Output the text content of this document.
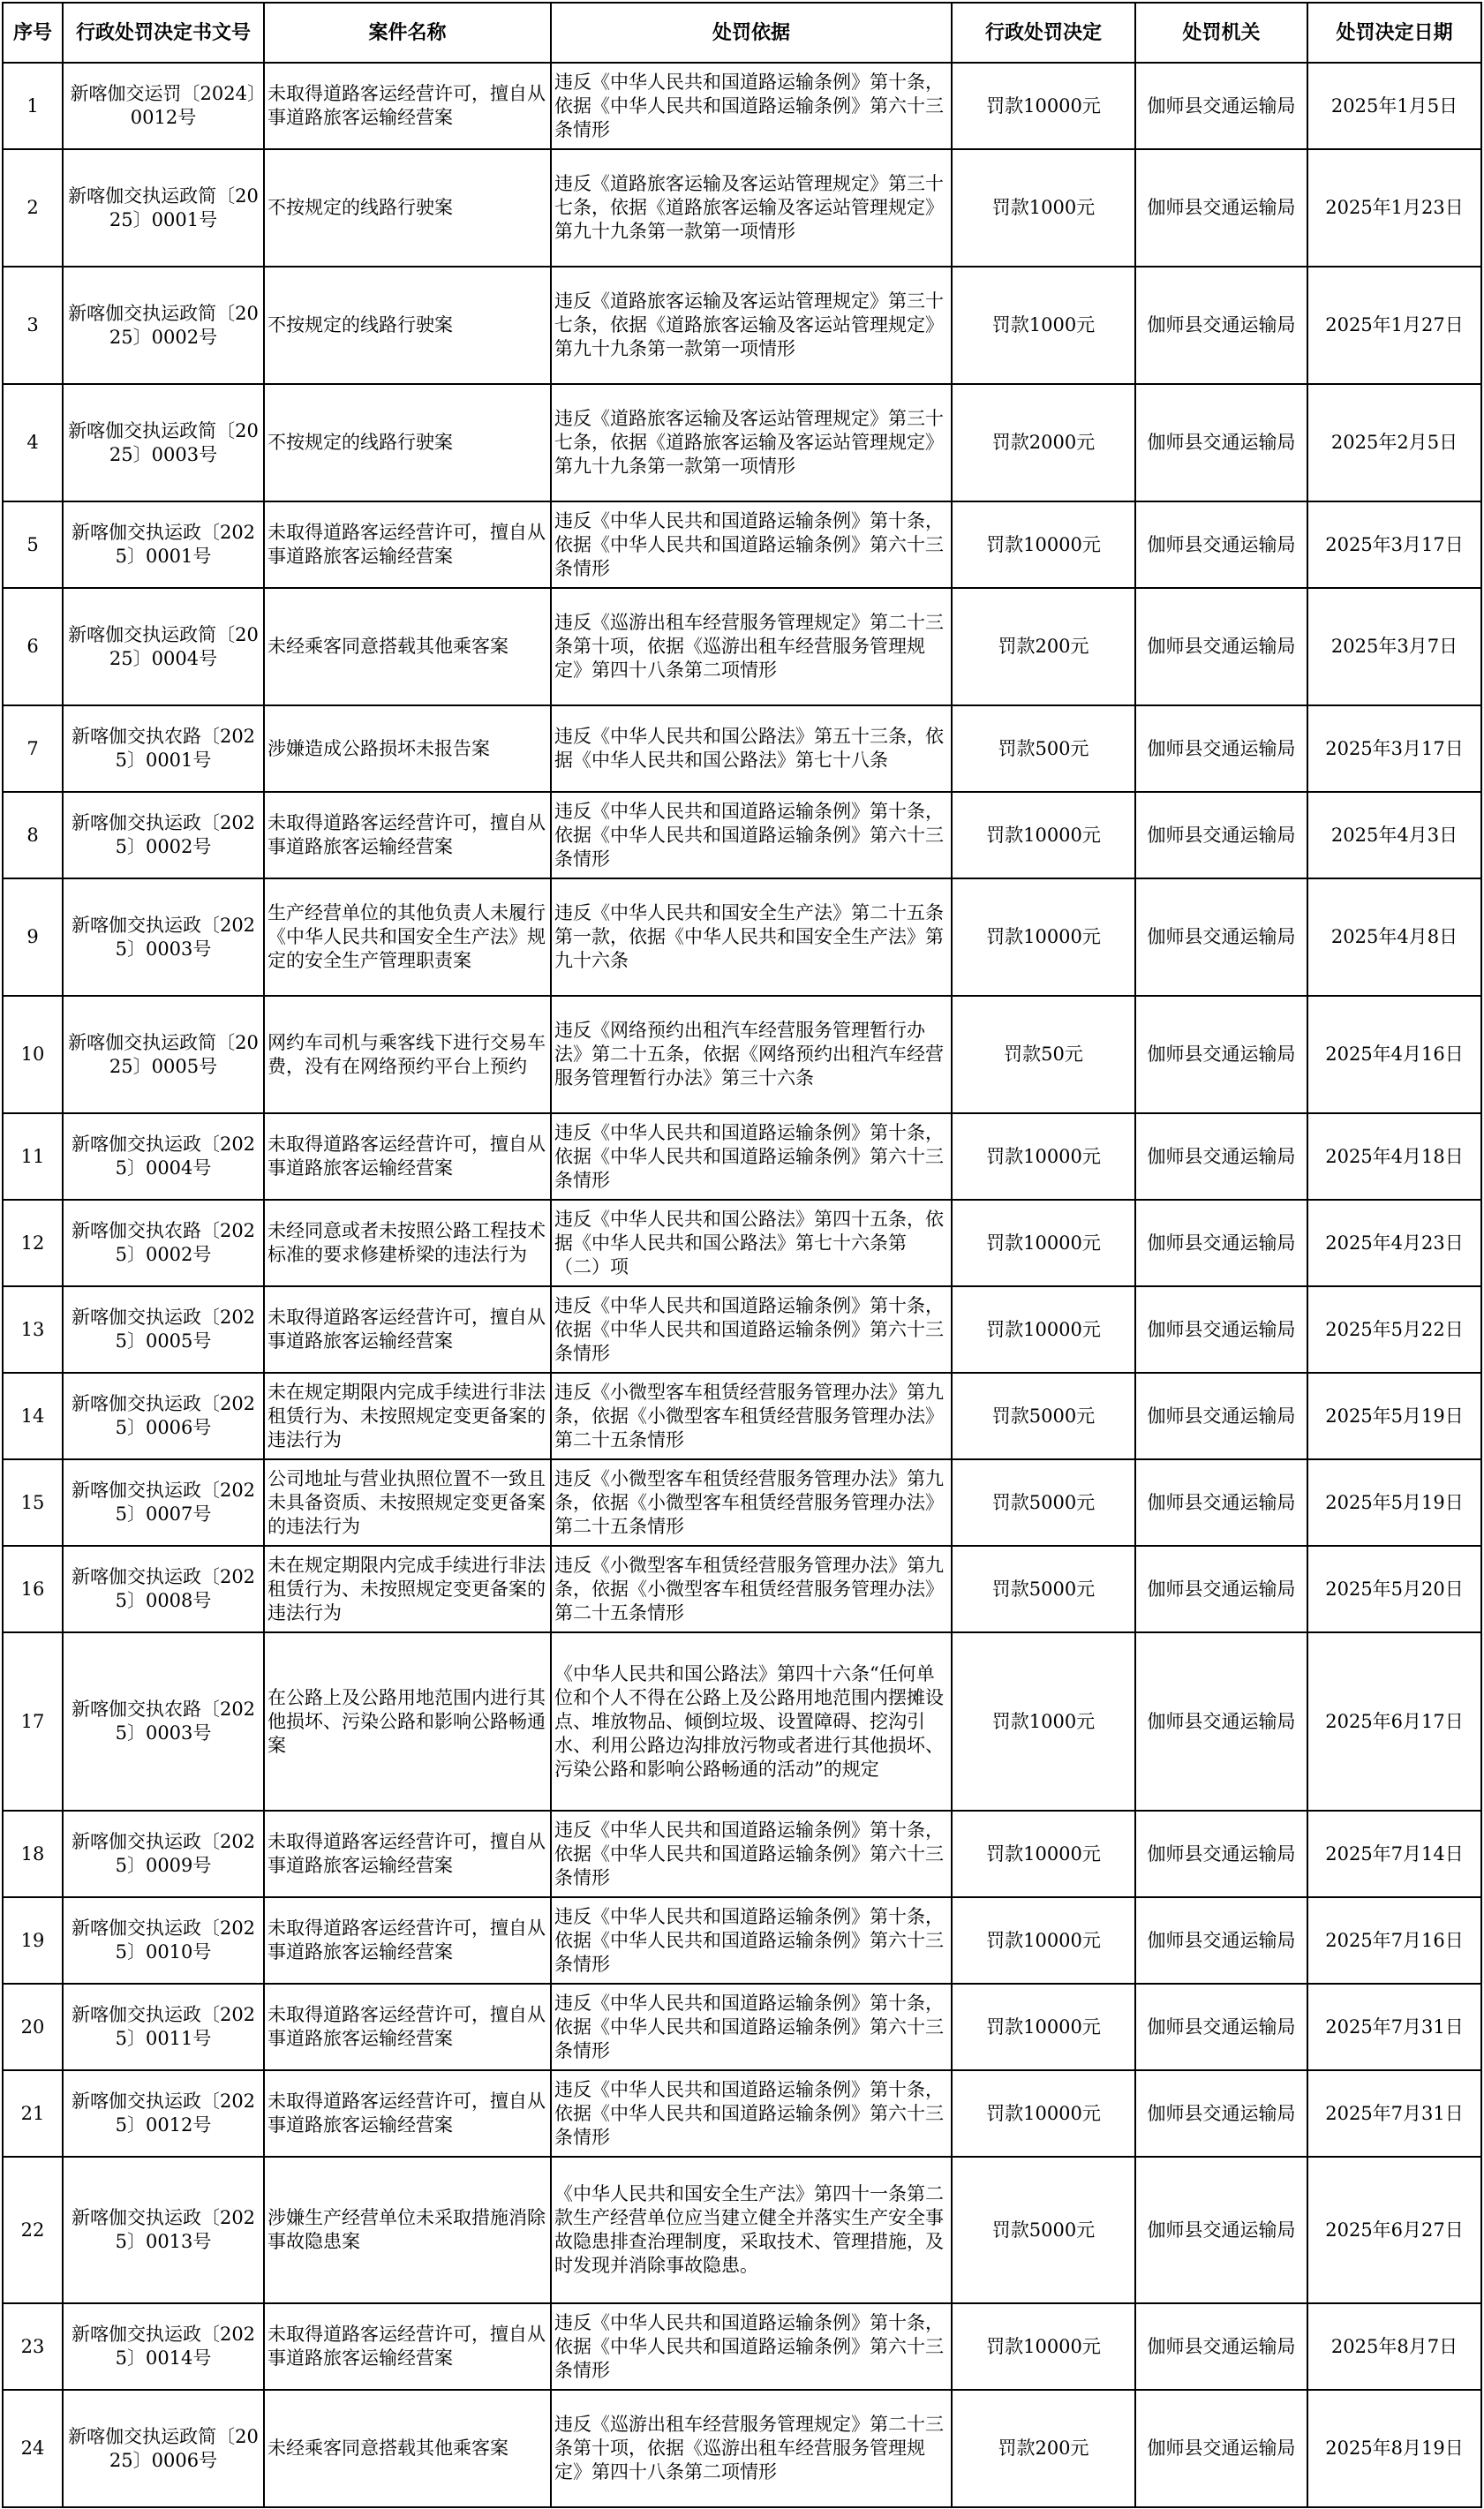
序号	行政处罚决定书文号	案件名称	处罚依据	行政处罚决定	处罚机关	处罚决定日期
1	新喀伽交运罚〔2024〕0012号	未取得道路客运经营许可，擅自从事道路旅客运输经营案	违反《中华人民共和国道路运输条例》第十条，依据《中华人民共和国道路运输条例》第六十三条情形	罚款10000元	伽师县交通运输局	2025年1月5日
2	新喀伽交执运政简〔2025〕0001号	不按规定的线路行驶案	违反《道路旅客运输及客运站管理规定》第三十七条，依据《道路旅客运输及客运站管理规定》第九十九条第一款第一项情形	罚款1000元	伽师县交通运输局	2025年1月23日
3	新喀伽交执运政简〔2025〕0002号	不按规定的线路行驶案	违反《道路旅客运输及客运站管理规定》第三十七条，依据《道路旅客运输及客运站管理规定》第九十九条第一款第一项情形	罚款1000元	伽师县交通运输局	2025年1月27日
4	新喀伽交执运政简〔2025〕0003号	不按规定的线路行驶案	违反《道路旅客运输及客运站管理规定》第三十七条，依据《道路旅客运输及客运站管理规定》第九十九条第一款第一项情形	罚款2000元	伽师县交通运输局	2025年2月5日
5	新喀伽交执运政〔2025〕0001号	未取得道路客运经营许可，擅自从事道路旅客运输经营案	违反《中华人民共和国道路运输条例》第十条，依据《中华人民共和国道路运输条例》第六十三条情形	罚款10000元	伽师县交通运输局	2025年3月17日
6	新喀伽交执运政简〔2025〕0004号	未经乘客同意搭载其他乘客案	违反《巡游出租车经营服务管理规定》第二十三条第十项，依据《巡游出租车经营服务管理规定》第四十八条第二项情形	罚款200元	伽师县交通运输局	2025年3月7日
7	新喀伽交执农路〔2025〕0001号	涉嫌造成公路损坏未报告案	违反《中华人民共和国公路法》第五十三条，依据《中华人民共和国公路法》第七十八条	罚款500元	伽师县交通运输局	2025年3月17日
8	新喀伽交执运政〔2025〕0002号	未取得道路客运经营许可，擅自从事道路旅客运输经营案	违反《中华人民共和国道路运输条例》第十条，依据《中华人民共和国道路运输条例》第六十三条情形	罚款10000元	伽师县交通运输局	2025年4月3日
9	新喀伽交执运政〔2025〕0003号	生产经营单位的其他负责人未履行《中华人民共和国安全生产法》规定的安全生产管理职责案	违反《中华人民共和国安全生产法》第二十五条第一款，依据《中华人民共和国安全生产法》第九十六条	罚款10000元	伽师县交通运输局	2025年4月8日
10	新喀伽交执运政简〔2025〕0005号	网约车司机与乘客线下进行交易车费，没有在网络预约平台上预约	违反《网络预约出租汽车经营服务管理暂行办法》第二十五条，依据《网络预约出租汽车经营服务管理暂行办法》第三十六条	罚款50元	伽师县交通运输局	2025年4月16日
11	新喀伽交执运政〔2025〕0004号	未取得道路客运经营许可，擅自从事道路旅客运输经营案	违反《中华人民共和国道路运输条例》第十条，依据《中华人民共和国道路运输条例》第六十三条情形	罚款10000元	伽师县交通运输局	2025年4月18日
12	新喀伽交执农路〔2025〕0002号	未经同意或者未按照公路工程技术标准的要求修建桥梁的违法行为	违反《中华人民共和国公路法》第四十五条，依据《中华人民共和国公路法》第七十六条第（二）项	罚款10000元	伽师县交通运输局	2025年4月23日
13	新喀伽交执运政〔2025〕0005号	未取得道路客运经营许可，擅自从事道路旅客运输经营案	违反《中华人民共和国道路运输条例》第十条，依据《中华人民共和国道路运输条例》第六十三条情形	罚款10000元	伽师县交通运输局	2025年5月22日
14	新喀伽交执运政〔2025〕0006号	未在规定期限内完成手续进行非法租赁行为、未按照规定变更备案的违法行为	违反《小微型客车租赁经营服务管理办法》第九条，依据《小微型客车租赁经营服务管理办法》第二十五条情形	罚款5000元	伽师县交通运输局	2025年5月19日
15	新喀伽交执运政〔2025〕0007号	公司地址与营业执照位置不一致且未具备资质、未按照规定变更备案的违法行为	违反《小微型客车租赁经营服务管理办法》第九条，依据《小微型客车租赁经营服务管理办法》第二十五条情形	罚款5000元	伽师县交通运输局	2025年5月19日
16	新喀伽交执运政〔2025〕0008号	未在规定期限内完成手续进行非法租赁行为、未按照规定变更备案的违法行为	违反《小微型客车租赁经营服务管理办法》第九条，依据《小微型客车租赁经营服务管理办法》第二十五条情形	罚款5000元	伽师县交通运输局	2025年5月20日
17	新喀伽交执农路〔2025〕0003号	在公路上及公路用地范围内进行其他损坏、污染公路和影响公路畅通案	《中华人民共和国公路法》第四十六条“任何单位和个人不得在公路上及公路用地范围内摆摊设点、堆放物品、倾倒垃圾、设置障碍、挖沟引水、利用公路边沟排放污物或者进行其他损坏、污染公路和影响公路畅通的活动”的规定	罚款1000元	伽师县交通运输局	2025年6月17日
18	新喀伽交执运政〔2025〕0009号	未取得道路客运经营许可，擅自从事道路旅客运输经营案	违反《中华人民共和国道路运输条例》第十条，依据《中华人民共和国道路运输条例》第六十三条情形	罚款10000元	伽师县交通运输局	2025年7月14日
19	新喀伽交执运政〔2025〕0010号	未取得道路客运经营许可，擅自从事道路旅客运输经营案	违反《中华人民共和国道路运输条例》第十条，依据《中华人民共和国道路运输条例》第六十三条情形	罚款10000元	伽师县交通运输局	2025年7月16日
20	新喀伽交执运政〔2025〕0011号	未取得道路客运经营许可，擅自从事道路旅客运输经营案	违反《中华人民共和国道路运输条例》第十条，依据《中华人民共和国道路运输条例》第六十三条情形	罚款10000元	伽师县交通运输局	2025年7月31日
21	新喀伽交执运政〔2025〕0012号	未取得道路客运经营许可，擅自从事道路旅客运输经营案	违反《中华人民共和国道路运输条例》第十条，依据《中华人民共和国道路运输条例》第六十三条情形	罚款10000元	伽师县交通运输局	2025年7月31日
22	新喀伽交执运政〔2025〕0013号	涉嫌生产经营单位未采取措施消除事故隐患案	《中华人民共和国安全生产法》第四十一条第二款生产经营单位应当建立健全并落实生产安全事故隐患排查治理制度，采取技术、管理措施，及时发现并消除事故隐患。	罚款5000元	伽师县交通运输局	2025年6月27日
23	新喀伽交执运政〔2025〕0014号	未取得道路客运经营许可，擅自从事道路旅客运输经营案	违反《中华人民共和国道路运输条例》第十条，依据《中华人民共和国道路运输条例》第六十三条情形	罚款10000元	伽师县交通运输局	2025年8月7日
24	新喀伽交执运政简〔2025〕0006号	未经乘客同意搭载其他乘客案	违反《巡游出租车经营服务管理规定》第二十三条第十项，依据《巡游出租车经营服务管理规定》第四十八条第二项情形	罚款200元	伽师县交通运输局	2025年8月19日
